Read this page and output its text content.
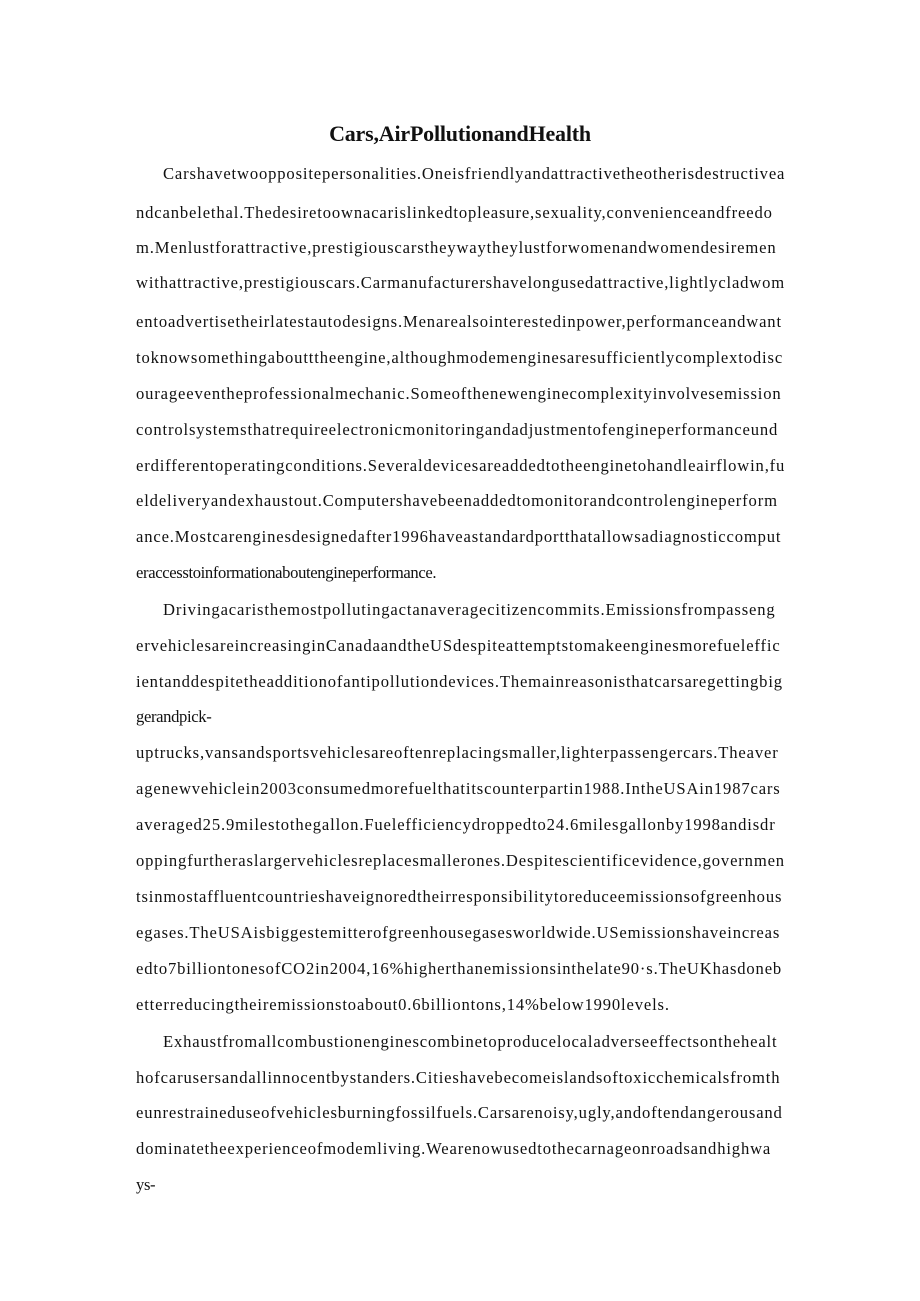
Cars,AirPollutionandHealth
Carshavetwooppositepersonalities.Oneisfriendlyandattractivetheotherisdestructivea
ndcanbelethal.Thedesiretoownacarislinkedtopleasure,sexuality,convenienceandfreedo
m.Menlustforattractive,prestigiouscarstheywaytheylustforwomenandwomendesiremen
withattractive,prestigiouscars.Carmanufacturershavelongusedattractive,lightlycladwom
entoadvertisetheirlatestautodesigns.Menarealsointerestedinpower,performanceandwant
toknowsomethingaboutttheengine,althoughmodemenginesaresufficientlycomplextodisc
ourageeventheprofessionalmechanic.Someofthenewenginecomplexityinvolvesemission
controlsystemsthatrequireelectronicmonitoringandadjustmentofengineperformanceund
erdifferentoperatingconditions.Severaldevicesareaddedtotheenginetohandleairflowin,fu
eldeliveryandexhaustout.Computershavebeenaddedtomonitorandcontrolengineperform
ance.Mostcarenginesdesignedafter1996haveastandardportthatallowsadiagnosticcomput
eraccesstoinformationaboutengineperformance.
Drivingacaristhemostpollutingactanaveragecitizencommits.Emissionsfrompasseng
ervehiclesareincreasinginCanadaandtheUSdespiteattemptstomakeenginesmorefueleffic
ientanddespitetheadditionofantipollutiondevices.Themainreasonisthatcarsaregettingbig
gerandpick-
uptrucks,vansandsportsvehiclesareoftenreplacingsmaller,lighterpassengercars.Theaver
agenewvehiclein2003consumedmorefuelthatitscounterpartin1988.IntheUSAin1987cars
averaged25.9milestothegallon.Fuelefficiencydroppedto24.6milesgallonby1998andisdr
oppingfurtheraslargervehiclesreplacesmallerones.Despitescientificevidence,governmen
tsinmostaffluentcountrieshaveignoredtheirresponsibilitytoreduceemissionsofgreenhous
egases.TheUSAisbiggestemitterofgreenhousegasesworldwide.USemissionshaveincreas
edto7billiontonesofCO2in2004,16%higherthanemissionsinthelate90·s.TheUKhasdoneb
etterreducingtheiremissionstoabout0.6billiontons,14%below1990levels.
Exhaustfromallcombustionenginescombinetoproducelocaladverseeffectsonthehealt
hofcarusersandallinnocentbystanders.Citieshavebecomeislandsoftoxicchemicalsfromth
eunrestraineduseofvehiclesburningfossilfuels.Carsarenoisy,ugly,andoftendangerousand
dominatetheexperienceofmodemliving.Wearenowusedtothecarnageonroadsandhighwa
ys-
